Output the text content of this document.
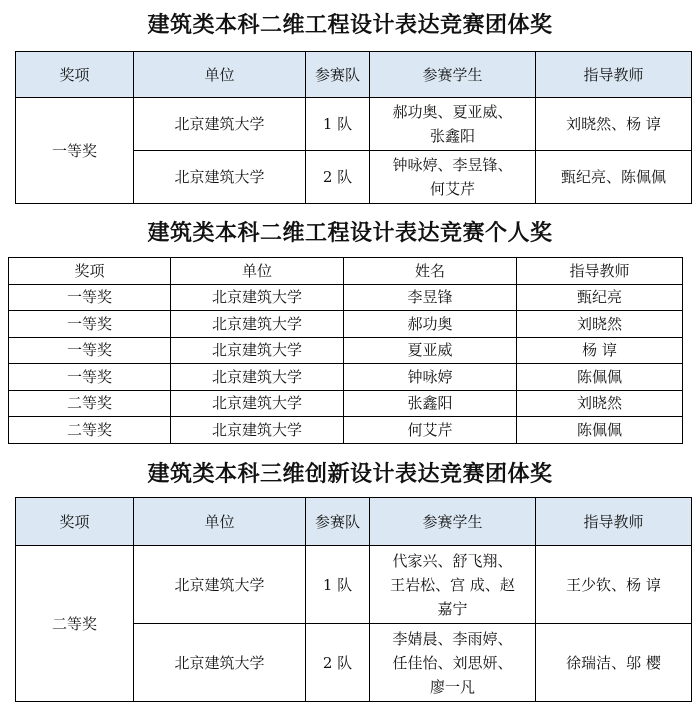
建筑类本科二维工程设计表达竞赛团体奖
奖项	单位	参赛队	参赛学生	指导教师
一等奖	北京建筑大学	1 队	郝功奥、夏亚威、
张鑫阳	刘晓然、杨 谆
	北京建筑大学	2 队	钟咏婷、李昱锋、
何艾芹	甄纪亮、陈佩佩
建筑类本科二维工程设计表达竞赛个人奖
奖项	单位	姓名	指导教师
一等奖	北京建筑大学	李昱锋	甄纪亮
一等奖	北京建筑大学	郝功奥	刘晓然
一等奖	北京建筑大学	夏亚威	杨 谆
一等奖	北京建筑大学	钟咏婷	陈佩佩
二等奖	北京建筑大学	张鑫阳	刘晓然
二等奖	北京建筑大学	何艾芹	陈佩佩
建筑类本科三维创新设计表达竞赛团体奖
奖项	单位	参赛队	参赛学生	指导教师
二等奖	北京建筑大学	1 队	代家兴、舒飞翔、
王岩松、宫 成、赵
嘉宁	王少钦、杨 谆
	北京建筑大学	2 队	李婧晨、李雨婷、
任佳怡、刘思妍、
廖一凡	徐瑞洁、邬 樱
